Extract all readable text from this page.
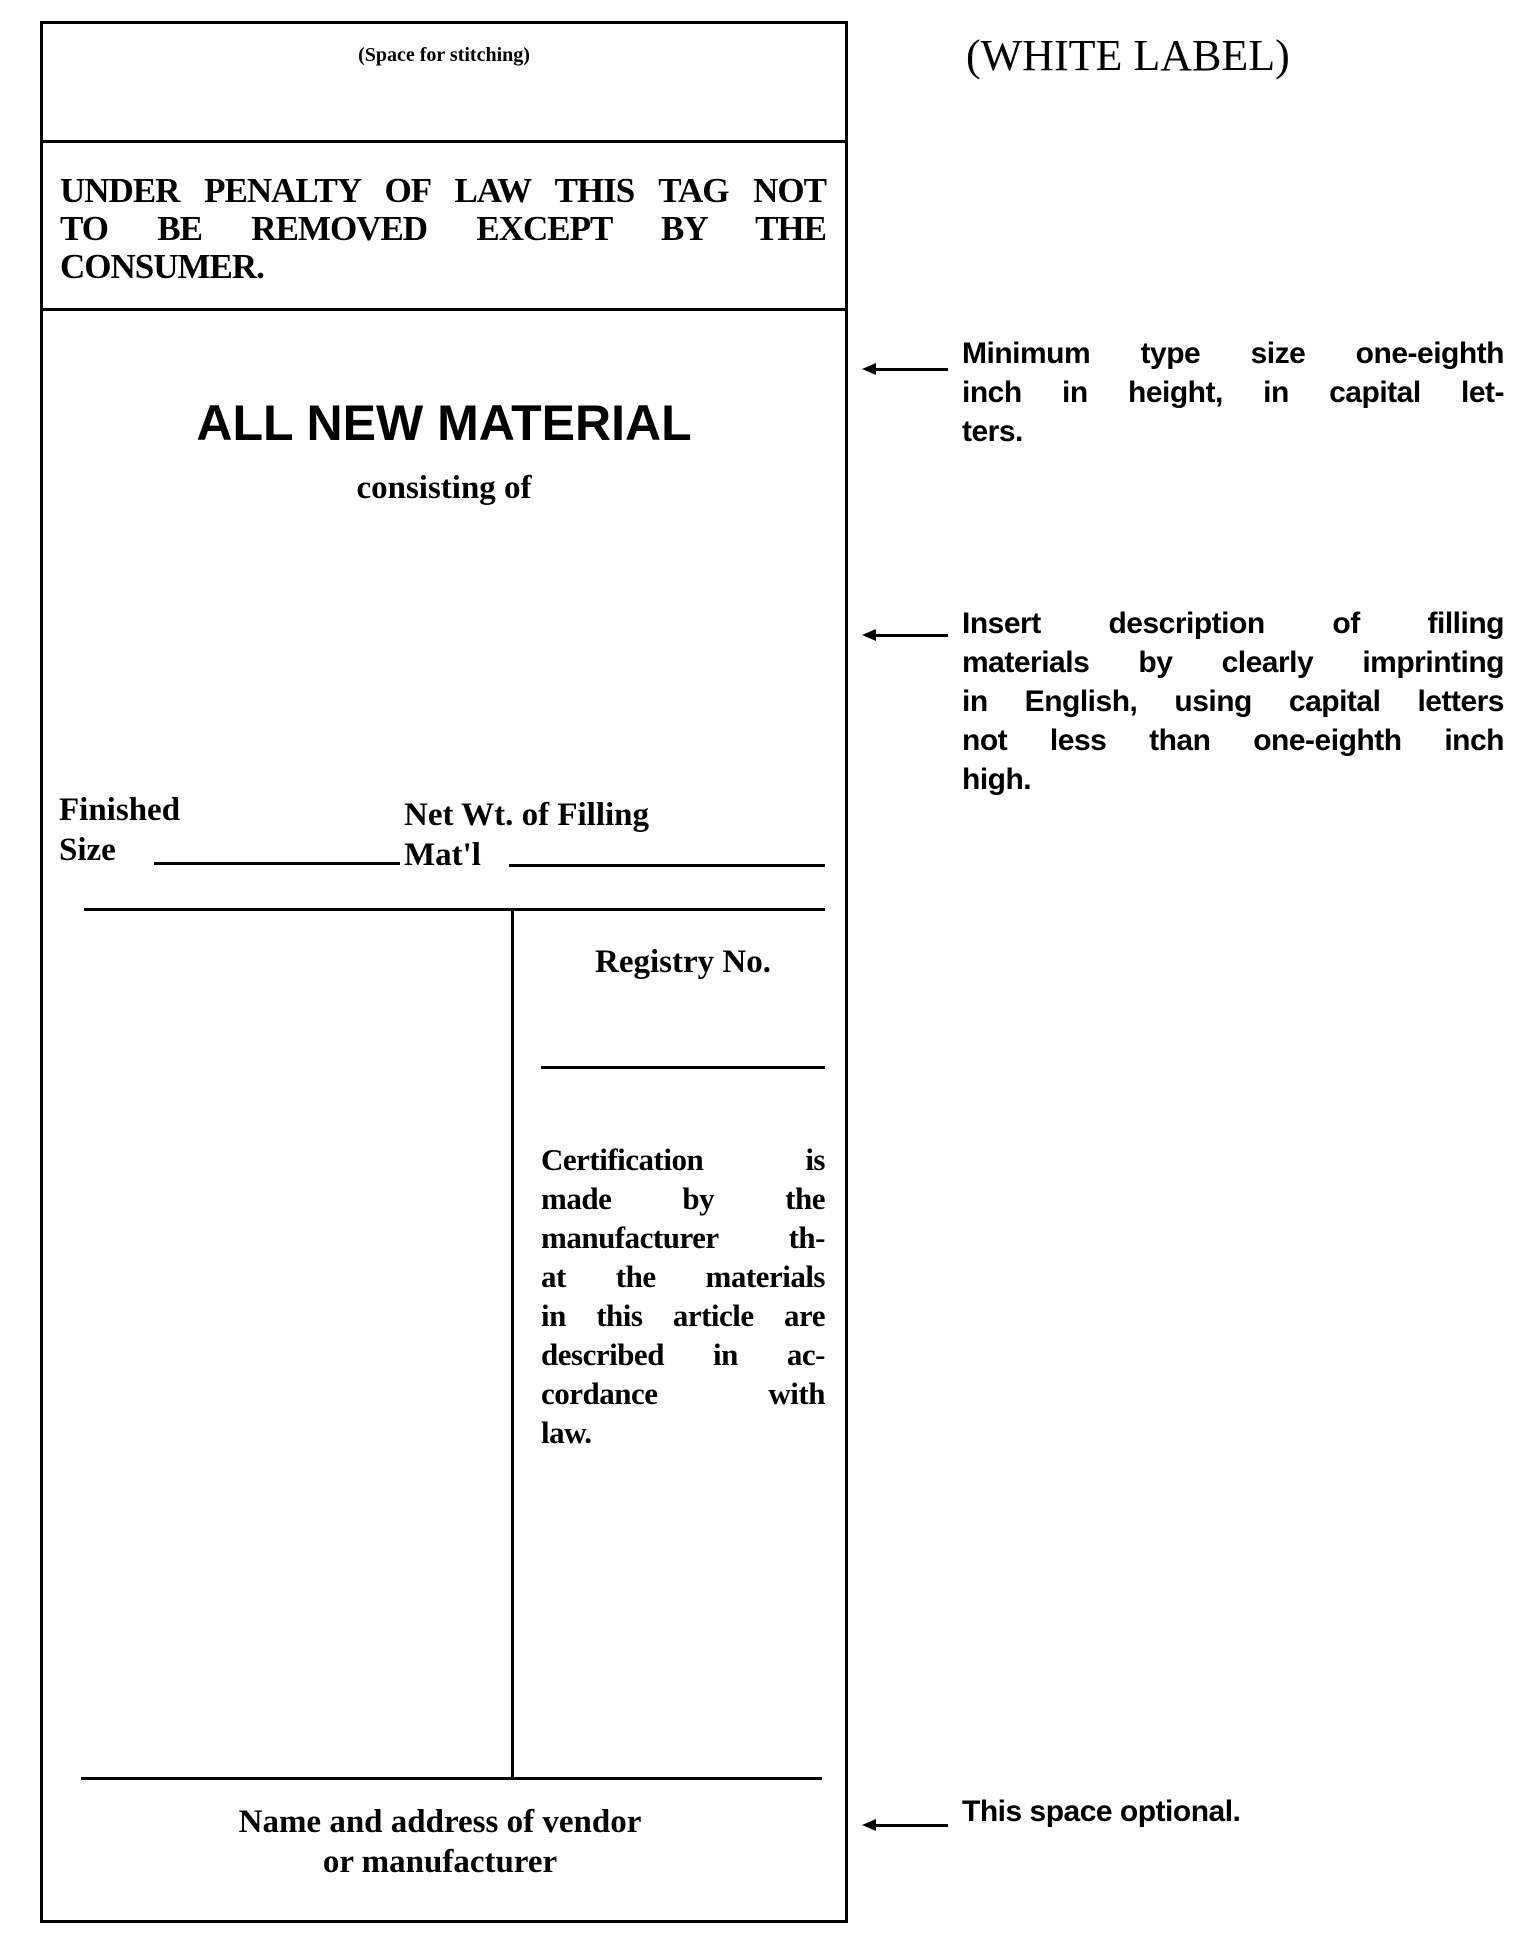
(Space for stitching)
UNDER PENALTY OF LAW THIS TAG NOT
TO BE REMOVED EXCEPT BY THE
CONSUMER.
ALL NEW MATERIAL
consisting of
Finished
Size
Net Wt. of Filling
Mat'l
Registry No.
Certification is
made by the
manufacturer th-
at the materials
in this article are
described in ac-
cordance with
law.
Name and address of vendor
or manufacturer
(WHITE LABEL)
Minimum type size one-eighth
inch in height, in capital let-
ters.
Insert description of filling
materials by clearly imprinting
in English, using capital letters
not less than one-eighth inch
high.
This space optional.
